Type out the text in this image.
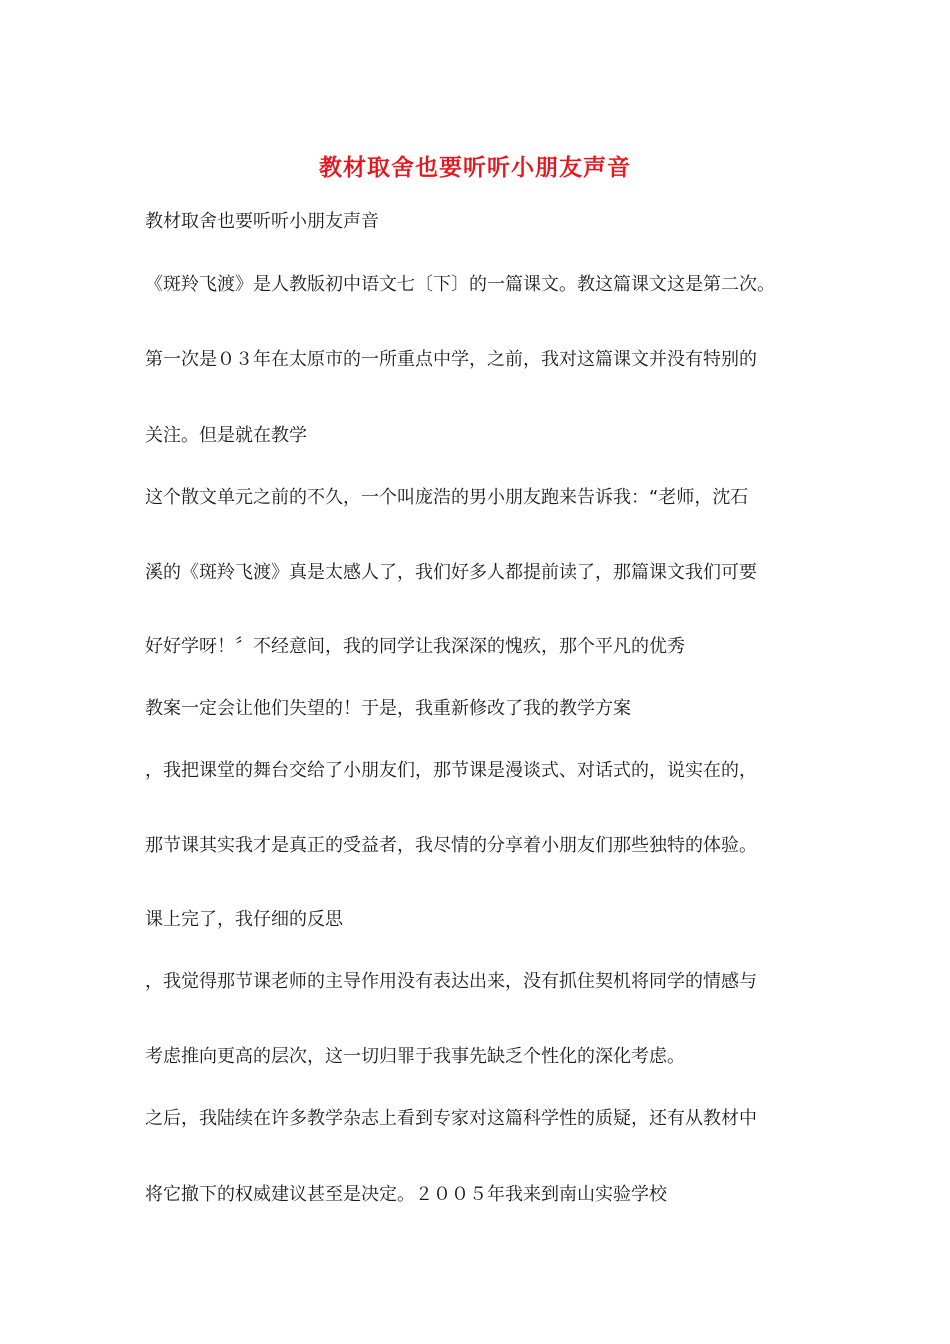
教材取舍也要听听小朋友声音

教材取舍也要听听小朋友声音

《斑羚飞渡》是人教版初中语文七〔下〕的一篇课文。教这篇课文这是第二次。

第一次是０３年在太原市的一所重点中学，之前，我对这篇课文并没有特别的

关注。但是就在教学

这个散文单元之前的不久，一个叫庞浩的男小朋友跑来告诉我：“老师，沈石

溪的《斑羚飞渡》真是太感人了，我们好多人都提前读了，那篇课文我们可要

好好学呀！〞不经意间，我的同学让我深深的愧疚，那个平凡的优秀

教案一定会让他们失望的！于是，我重新修改了我的教学方案

，我把课堂的舞台交给了小朋友们，那节课是漫谈式、对话式的，说实在的，

那节课其实我才是真正的受益者，我尽情的分享着小朋友们那些独特的体验。

课上完了，我仔细的反思

，我觉得那节课老师的主导作用没有表达出来，没有抓住契机将同学的情感与

考虑推向更高的层次，这一切归罪于我事先缺乏个性化的深化考虑。

之后，我陆续在许多教学杂志上看到专家对这篇科学性的质疑，还有从教材中

将它撤下的权威建议甚至是决定。２００５年我来到南山实验学校
